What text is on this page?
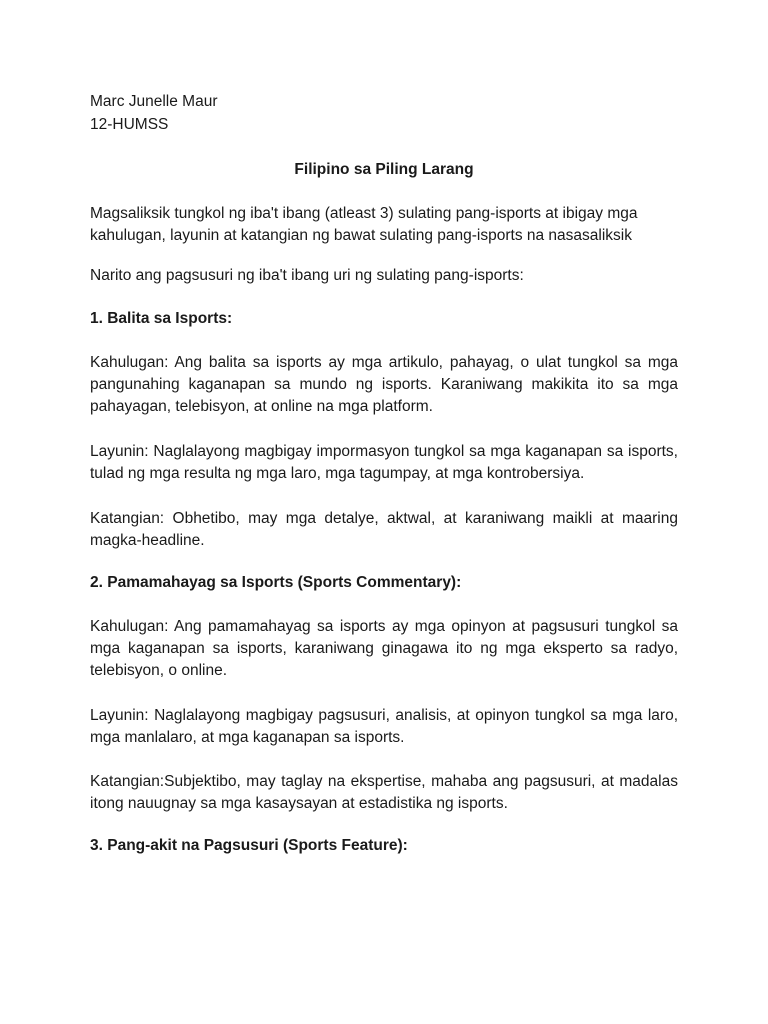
Marc Junelle Maur

12-HUMSS

Filipino sa Piling Larang

Magsaliksik tungkol ng iba't ibang (atleast 3) sulating pang-isports at ibigay mga kahulugan, layunin at katangian ng bawat sulating pang-isports na nasasaliksik

Narito ang pagsusuri ng iba't ibang uri ng sulating pang-isports:

1. Balita sa Isports:

Kahulugan: Ang balita sa isports ay mga artikulo, pahayag, o ulat tungkol sa mga pangunahing kaganapan sa mundo ng isports. Karaniwang makikita ito sa mga pahayagan, telebisyon, at online na mga platform.

Layunin: Naglalayong magbigay impormasyon tungkol sa mga kaganapan sa isports, tulad ng mga resulta ng mga laro, mga tagumpay, at mga kontrobersiya.

Katangian: Obhetibo, may mga detalye, aktwal, at karaniwang maikli at maaring magka-headline.

2. Pamamahayag sa Isports (Sports Commentary):

Kahulugan: Ang pamamahayag sa isports ay mga opinyon at pagsusuri tungkol sa mga kaganapan sa isports, karaniwang ginagawa ito ng mga eksperto sa radyo, telebisyon, o online.

Layunin: Naglalayong magbigay pagsusuri, analisis, at opinyon tungkol sa mga laro, mga manlalaro, at mga kaganapan sa isports.

Katangian:Subjektibo, may taglay na ekspertise, mahaba ang pagsusuri, at madalas itong nauugnay sa mga kasaysayan at estadistika ng isports.

3. Pang-akit na Pagsusuri (Sports Feature):
